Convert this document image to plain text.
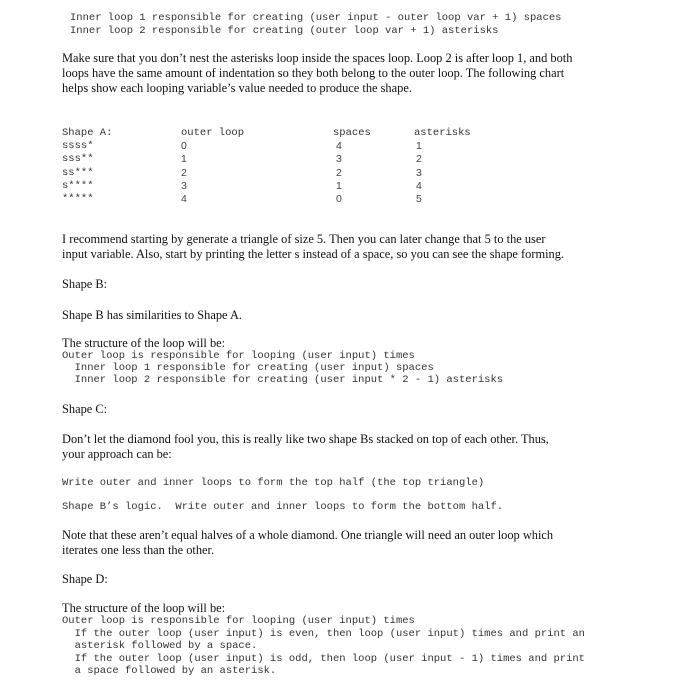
Inner loop 1 responsible for creating (user input - outer loop var + 1) spaces
Inner loop 2 responsible for creating (outer loop var + 1) asterisks
Make sure that you don’t nest the asterisks loop inside the spaces loop. Loop 2 is after loop 1, and both
loops have the same amount of indentation so they both belong to the outer loop. The following chart
helps show each looping variable’s value needed to produce the shape.
Shape A:
ssss*
sss**
ss***
s****
*****
outer loop
0
1
2
3
4
spaces
4
3
2
1
0
asterisks
1
2
3
4
5
I recommend starting by generate a triangle of size 5. Then you can later change that 5 to the user
input variable. Also, start by printing the letter s instead of a space, so you can see the shape forming.
Shape B:
Shape B has similarities to Shape A.
The structure of the loop will be:
Outer loop is responsible for looping (user input) times
Inner loop 1 responsible for creating (user input) spaces
Inner loop 2 responsible for creating (user input * 2 - 1) asterisks
Shape C:
Don’t let the diamond fool you, this is really like two shape Bs stacked on top of each other. Thus,
your approach can be:
Write outer and inner loops to form the top half (the top triangle)
Shape B’s logic.  Write outer and inner loops to form the bottom half.
Note that these aren’t equal halves of a whole diamond. One triangle will need an outer loop which
iterates one less than the other.
Shape D:
The structure of the loop will be:
Outer loop is responsible for looping (user input) times
If the outer loop (user input) is even, then loop (user input) times and print an
asterisk followed by a space.
If the outer loop (user input) is odd, then loop (user input - 1) times and print
a space followed by an asterisk.
